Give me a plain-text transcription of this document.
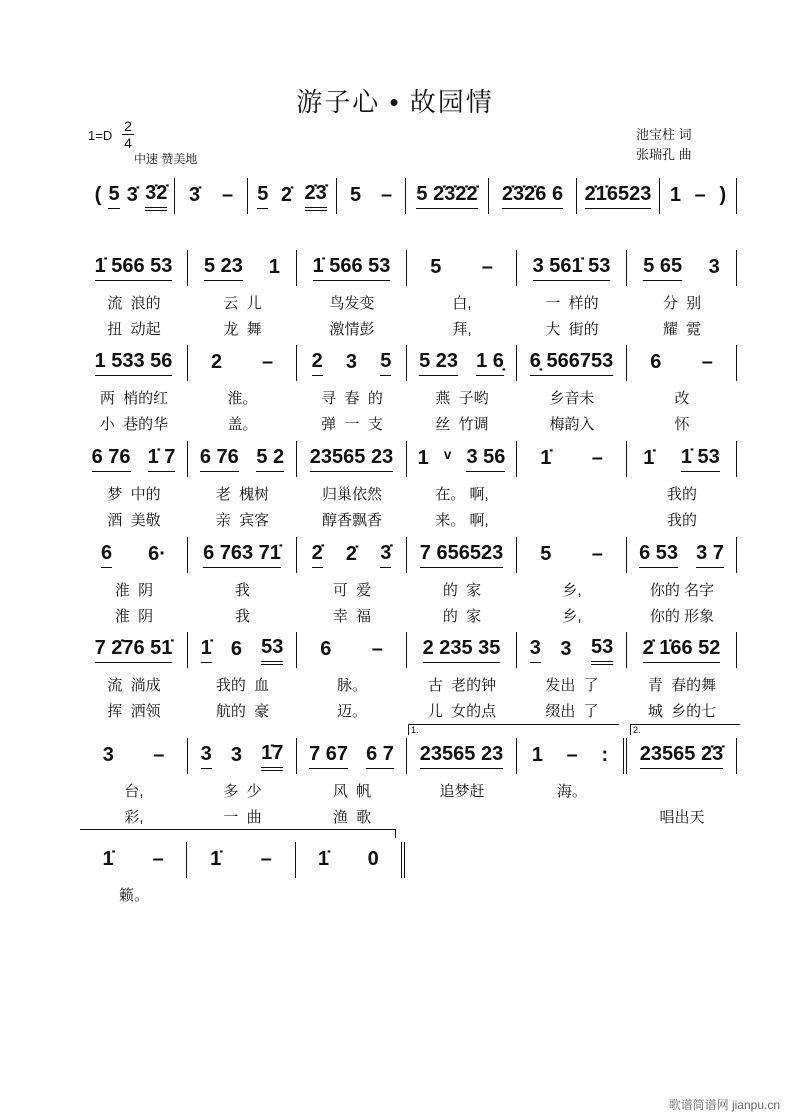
游子心 • 故园情
1=D
2
4
中速 赞美地
池宝柱 词
张瑞孔 曲
( 5 3̇ 3̇2̇ 3̇ – 5 2̇ 2̇3̇ 5 – 5 2̇3̇2̇2̇ 2̇3̇2̇6 6 2̇1̇6523 1 – )
1̇ 566 53 5 23 1 1̇ 566 53 5 – 3 561̇ 53 5 65 3
流  浪的	云  儿	鸟发变	白,	一  样的	分  别
扭  动起	龙  舞	激情彭	拜,	大  街的	耀  霓
1 533 56 2 – 2 3 5 5 23 1 6̣ 6̣ 566753 6 –
两  梢的红	淮。	寻  春  的	燕  子哟	乡音未	改
小  巷的华	盖。	弹  一  支	丝  竹调	梅韵入	怀
6 76 1̇ 7 6 76 5 2 23565 23 1 ᵛ 3 56 1̇ – 1̇ 1̇ 53
梦  中的	老  槐树	归巢依然	在。 啊,	我的
酒  美敬	亲  宾客	醇香飘香	来。 啊,	我的
6 6· 6 763 71̇ 2̇ 2̇ 3̇ 7 656523 5 – 6 53 3 7
淮  阴	我	可  爱	的  家	乡,	你的 名字
淮  阴	我	幸  福	的  家	乡,	你的 形象
7 2̇76 51̇ 1̇ 6 53 6 – 2 235 35 3 3 53 2̇ 1̇66 52
流  淌成	我的  血	脉。	古  老的钟	发出  了	青  春的舞
挥  洒领	航的  豪	迈。	儿  女的点	缀出  了	城  乡的七
3 – 3 3 1̇7 7 67 6 7 23565 23 1 – : 23565 2̇3̇
台,	多  少	风  帆	追梦赶	海。
彩,	一  曲	渔  歌	唱出天
1̇ – 1̇ – 1̇ 0
籁。
1.	2.
歌谱简谱网 jianpu.cn
